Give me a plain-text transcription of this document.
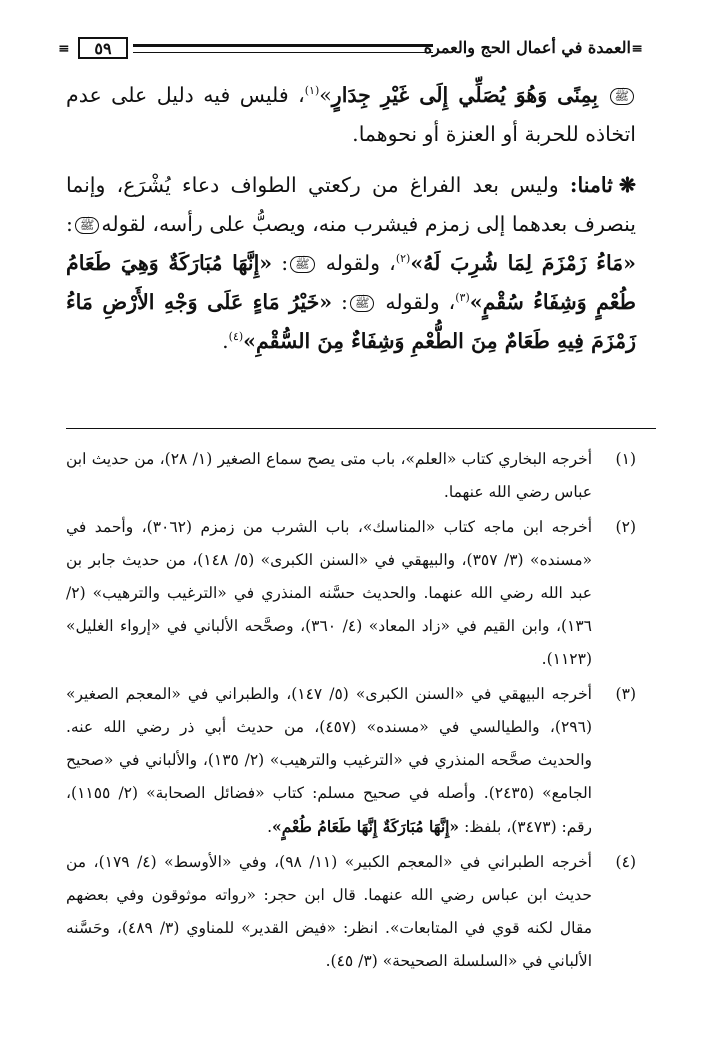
≡ ٥٩	العمدة في أعمال الحج والعمرة ≡

ﷺ بِمِنًى وَهُوَ يُصَلِّي إِلَى غَيْرِ جِدَارٍ»$^{(١)}$، فليس فيه دليل على عدم اتخاذه للحربة أو العنزة أو نحوهما.

❋ثامنا: وليس بعد الفراغ من ركعتي الطواف دعاء يُشْرَع، وإنما ينصرف بعدهما إلى زمزم فيشرب منه، ويصبُّ على رأسه، لقولهﷺ: «مَاءُ زَمْزَمَ لِمَا شُرِبَ لَهُ»$^{(٢)}$، ولقوله ﷺ: «إِنَّهَا مُبَارَكَةٌ وَهِيَ طَعَامُ طُعْمٍ وَشِفَاءُ سُقْمٍ»$^{(٣)}$، ولقوله ﷺ: «خَيْرُ مَاءٍ عَلَى وَجْهِ الأَرْضِ مَاءُ زَمْزَمَ فِيهِ طَعَامٌ مِنَ الطُّعْمِ وَشِفَاءٌ مِنَ السُّقْمِ»$^{(٤)}$.

(١)
أخرجه البخاري كتاب «العلم»، باب متى يصح سماع الصغير (١/ ٢٨)، من حديث ابن عباس رضي الله عنهما.
(٢)
أخرجه ابن ماجه كتاب «المناسك»، باب الشرب من زمزم (٣٠٦٢)، وأحمد في «مسنده» (٣/ ٣٥٧)، والبيهقي في «السنن الكبرى» (٥/ ١٤٨)، من حديث جابر بن عبد الله رضي الله عنهما. والحديث حسَّنه المنذري في «الترغيب والترهيب» (٢/ ١٣٦)، وابن القيم في «زاد المعاد» (٤/ ٣٦٠)، وصحَّحه الألباني في «إرواء الغليل» (١١٢٣).
(٣)
أخرجه البيهقي في «السنن الكبرى» (٥/ ١٤٧)، والطبراني في «المعجم الصغير» (٢٩٦)، والطيالسي في «مسنده» (٤٥٧)، من حديث أبي ذر رضي الله عنه. والحديث صحَّحه المنذري في «الترغيب والترهيب» (٢/ ١٣٥)، والألباني في «صحيح الجامع» (٢٤٣٥). وأصله في صحيح مسلم: كتاب «فضائل الصحابة» (٢/ ١١٥٥)، رقم: (٣٤٧٣)، بلفظ: «إِنَّهَا مُبَارَكَةٌ إِنَّهَا طَعَامُ طُعْمٍ».
(٤)
أخرجه الطبراني في «المعجم الكبير» (١١/ ٩٨)، وفي «الأوسط» (٤/ ١٧٩)، من حديث ابن عباس رضي الله عنهما. قال ابن حجر: «رواته موثوقون وفي بعضهم مقال لكنه قوي في المتابعات». انظر: «فيض القدير» للمناوي (٣/ ٤٨٩)، وحَسَّنه الألباني في «السلسلة الصحيحة» (٣/ ٤٥).
